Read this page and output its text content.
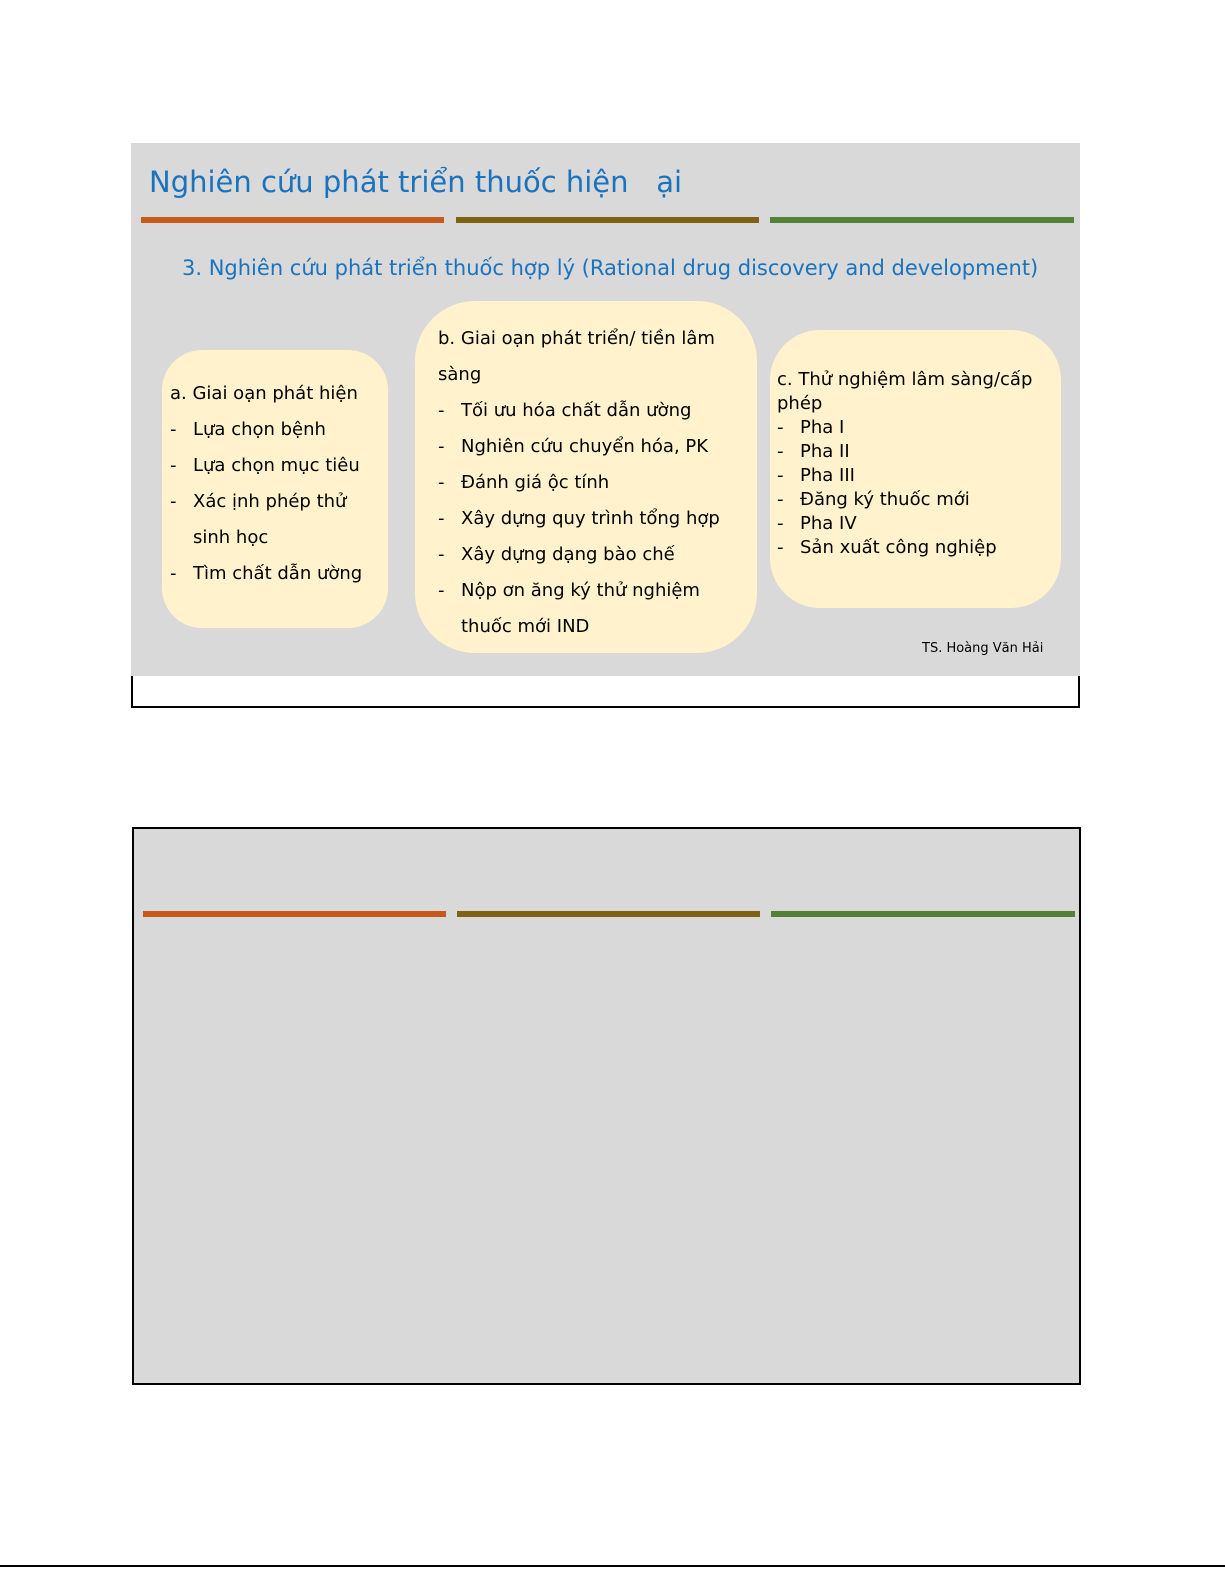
Nghiên cứu phát triển thuốc hiện   ại

3. Nghiên cứu phát triển thuốc hợp lý (Rational drug discovery and development)

a. Giai oạn phát hiện

- Lựa chọn bệnh
- Lựa chọn mục tiêu
- Xác ịnh phép thử sinh học
- Tìm chất dẫn ường

b. Giai oạn phát triển/ tiền lâm sàng

- Tối ưu hóa chất dẫn ường
- Nghiên cứu chuyển hóa, PK
- Đánh giá ộc tính
- Xây dựng quy trình tổng hợp
- Xây dựng dạng bào chế
- Nộp ơn ăng ký thử nghiệm thuốc mới IND

c. Thử nghiệm lâm sàng/cấp phép

- Pha I
- Pha II
- Pha III
- Đăng ký thuốc mới
- Pha IV
- Sản xuất công nghiệp
TS. Hoàng Văn Hải
